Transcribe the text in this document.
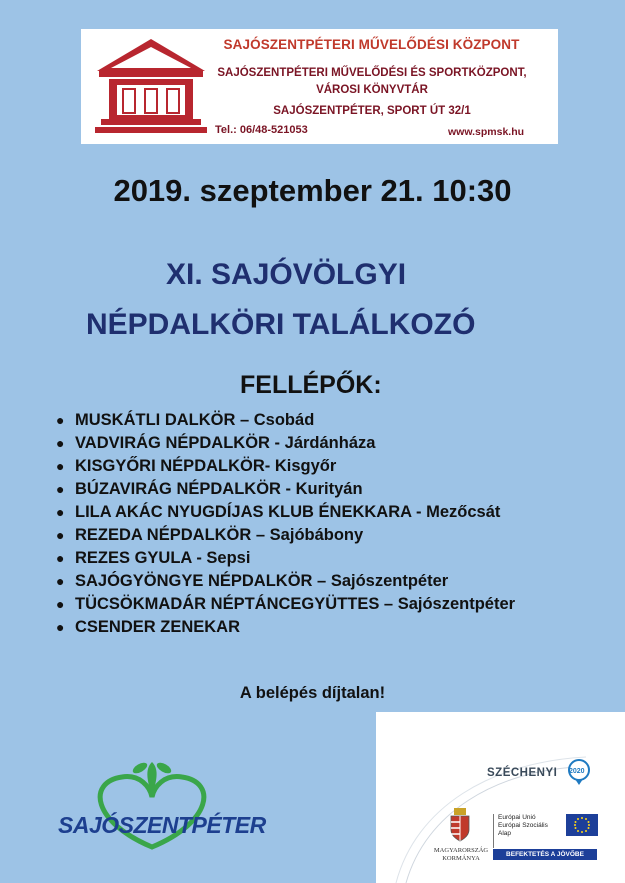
SAJÓSZENTPÉTERI MŰVELŐDÉSI KÖZPONT
SAJÓSZENTPÉTERI MŰVELŐDÉSI ÉS SPORTKÖZPONT,
VÁROSI KÖNYVTÁR
SAJÓSZENTPÉTER, SPORT ÚT 32/1
Tel.: 06/48-521053	www.spmsk.hu
2019. szeptember 21. 10:30
XI. SAJÓVÖLGYI
NÉPDALKÖRI TALÁLKOZÓ
FELLÉPŐK:
● MUSKÁTLI DALKÖR – Csobád
● VADVIRÁG NÉPDALKÖR - Járdánháza
● KISGYŐRI NÉPDALKÖR- Kisgyőr
● BÚZAVIRÁG NÉPDALKÖR - Kurityán
● LILA AKÁC NYUGDÍJAS KLUB ÉNEKKARA - Mezőcsát
● REZEDA NÉPDALKÖR – Sajóbábony
● REZES GYULA - Sepsi
● SAJÓGYÖNGYE NÉPDALKÖR – Sajószentpéter
● TÜCSÖKMADÁR NÉPTÁNCEGYÜTTES – Sajószentpéter
● CSENDER ZENEKAR
A belépés díjtalan!
SAJÓSZENTPÉTER
SZÉCHENYI 2020
MAGYARORSZÁG
KORMÁNYA
Európai Unió
Európai Szociális
Alap
BEFEKTETÉS A JÖVŐBE
